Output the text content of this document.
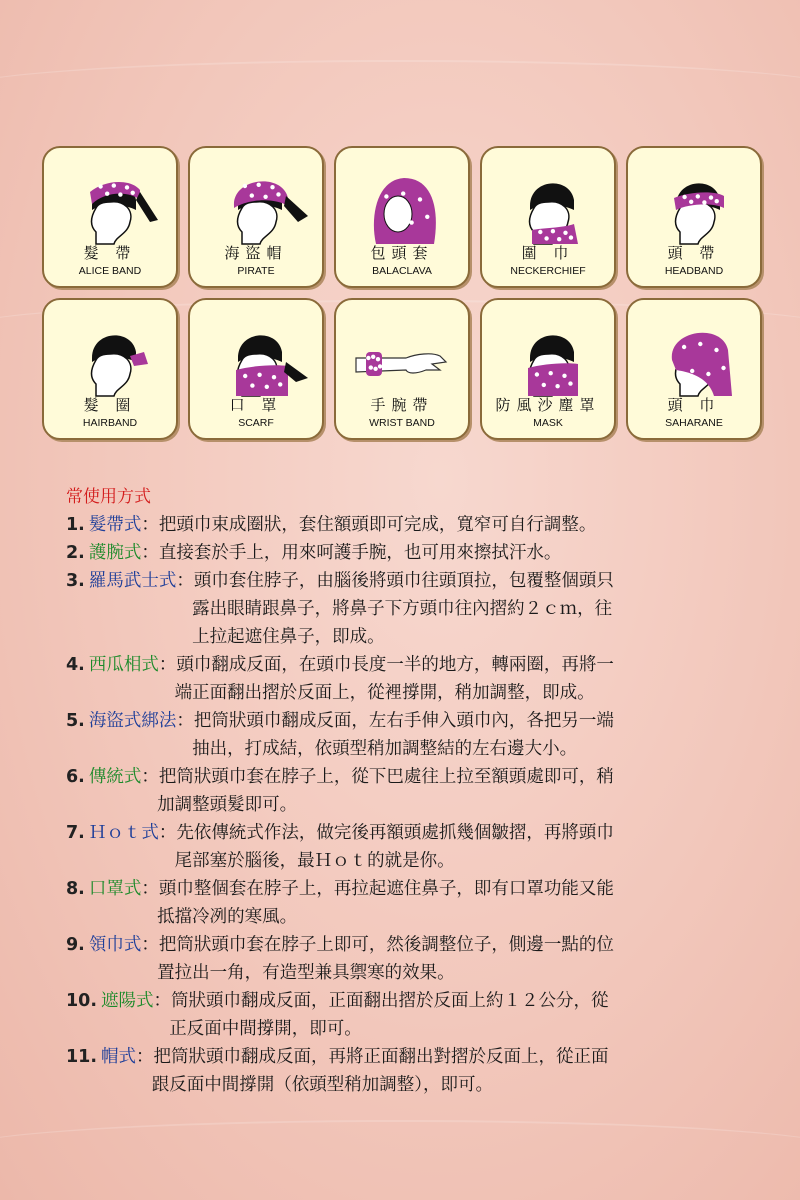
髮 帶
ALICE BAND
海盜帽
PIRATE
包頭套
BALACLAVA
圍 巾
NECKERCHIEF
頭 帶
HEADBAND
髮 圈
HAIRBAND
口 罩
SCARF
手腕帶
WRIST BAND
防風沙塵罩
MASK
頭 巾
SAHARANE
常使用方式
1. 髮帶式 ：把頭巾束成圈狀，套住額頭即可完成，寬窄可自行調整。
2. 護腕式 ：直接套於手上，用來呵護手腕，也可用來擦拭汗水。
3. 羅馬武士式 ：頭巾套住脖子，由腦後將頭巾往頭頂拉，包覆整個頭只
露出眼睛跟鼻子，將鼻子下方頭巾往內摺約２ｃｍ，往
上拉起遮住鼻子，即成。
4. 西瓜相式 ：頭巾翻成反面，在頭巾長度一半的地方，轉兩圈，再將一
端正面翻出摺於反面上，從裡撐開，稍加調整，即成。
5. 海盜式綁法 ：把筒狀頭巾翻成反面，左右手伸入頭巾內，各把另一端
抽出，打成結，依頭型稍加調整結的左右邊大小。
6. 傳統式 ：把筒狀頭巾套在脖子上，從下巴處往上拉至額頭處即可，稍
加調整頭髮即可。
7. Ｈｏｔ式 ：先依傳統式作法，做完後再額頭處抓幾個皺摺，再將頭巾
尾部塞於腦後，最Ｈｏｔ的就是你。
8. 口罩式 ：頭巾整個套在脖子上，再拉起遮住鼻子，即有口罩功能又能
抵擋冷冽的寒風。
9. 領巾式 ：把筒狀頭巾套在脖子上即可，然後調整位子，側邊一點的位
置拉出一角，有造型兼具禦寒的效果。
10. 遮陽式 ：筒狀頭巾翻成反面，正面翻出摺於反面上約１２公分，從
正反面中間撐開，即可。
11. 帽式 ：把筒狀頭巾翻成反面，再將正面翻出對摺於反面上，從正面
跟反面中間撐開（依頭型稍加調整），即可。
